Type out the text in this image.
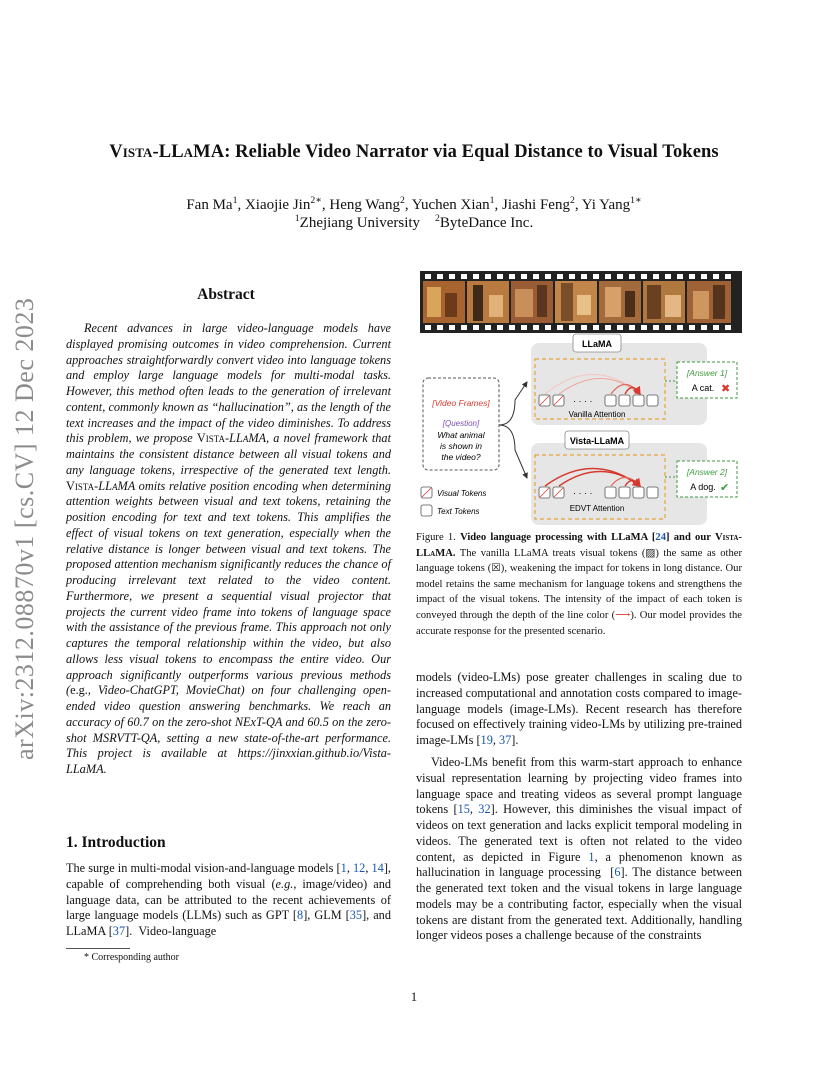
arXiv:2312.08870v1 [cs.CV] 12 Dec 2023
Vista-LLaMA: Reliable Video Narrator via Equal Distance to Visual Tokens
Fan Ma$^1$, Xiaojie Jin$^{2∗}$, Heng Wang$^2$, Yuchen Xian$^1$, Jiashi Feng$^2$, Yi Yang$^{1∗}$
$^1$Zhejiang University    $^2$ByteDance Inc.
Abstract
Recent advances in large video-language models have displayed promising outcomes in video comprehension. Current approaches straightforwardly convert video into language tokens and employ large language models for multi-modal tasks. However, this method often leads to the generation of irrelevant content, commonly known as “hallucination”, as the length of the text increases and the impact of the video diminishes. To address this problem, we propose Vista-LLaMA, a novel framework that maintains the consistent distance between all visual tokens and any language tokens, irrespective of the generated text length. Vista-LLaMA omits relative position encoding when determining attention weights between visual and text tokens, retaining the position encoding for text and text tokens. This amplifies the effect of visual tokens on text generation, especially when the relative distance is longer between visual and text tokens. The proposed attention mechanism significantly reduces the chance of producing irrelevant text related to the video content. Furthermore, we present a sequential visual projector that projects the current video frame into tokens of language space with the assistance of the previous frame. This approach not only captures the temporal relationship within the video, but also allows less visual tokens to encompass the entire video. Our approach significantly outperforms various previous methods (e.g., Video-ChatGPT, MovieChat) on four challenging open-ended video question answering benchmarks. We reach an accuracy of 60.7 on the zero-shot NExT-QA and 60.5 on the zero-shot MSRVTT-QA, setting a new state-of-the-art performance. This project is available at https://jinxxian.github.io/Vista-LLaMA.
1. Introduction
The surge in multi-modal vision-and-language models [1, 12, 14], capable of comprehending both visual (e.g., image/video) and language data, can be attributed to the recent achievements of large language models (LLMs) such as GPT [8], GLM [35], and LLaMA [37].  Video-language
* Corresponding author
LLaMA
· · · ·
Vanilla Attention
[Answer 1]
A cat. ✖
Vista-LLaMA
· · · ·
EDVT Attention
[Answer 2]
A dog. ✔
[Video Frames]
[Question]
What animal
is shown in
the video?
Visual Tokens
Text Tokens
Figure 1. Video language processing with LLaMA [24] and our Vista-LLaMA. The vanilla LLaMA treats visual tokens (▨) the same as other language tokens (☒), weakening the impact for tokens in long distance. Our model retains the same mechanism for language tokens and strengthens the impact of the visual tokens. The intensity of the impact of each token is conveyed through the depth of the line color (⟶). Our model provides the accurate response for the presented scenario.
models (video-LMs) pose greater challenges in scaling due to increased computational and annotation costs compared to image-language models (image-LMs). Recent research has therefore focused on effectively training video-LMs by utilizing pre-trained image-LMs [19, 37].
Video-LMs benefit from this warm-start approach to enhance visual representation learning by projecting video frames into language space and treating videos as several prompt language tokens [15, 32]. However, this diminishes the visual impact of videos on text generation and lacks explicit temporal modeling in videos. The generated text is often not related to the video content, as depicted in Figure 1, a phenomenon known as hallucination in language processing  [6]. The distance between the generated text token and the visual tokens in large language models may be a contributing factor, especially when the visual tokens are distant from the generated text. Additionally, handling longer videos poses a challenge because of the constraints
1
